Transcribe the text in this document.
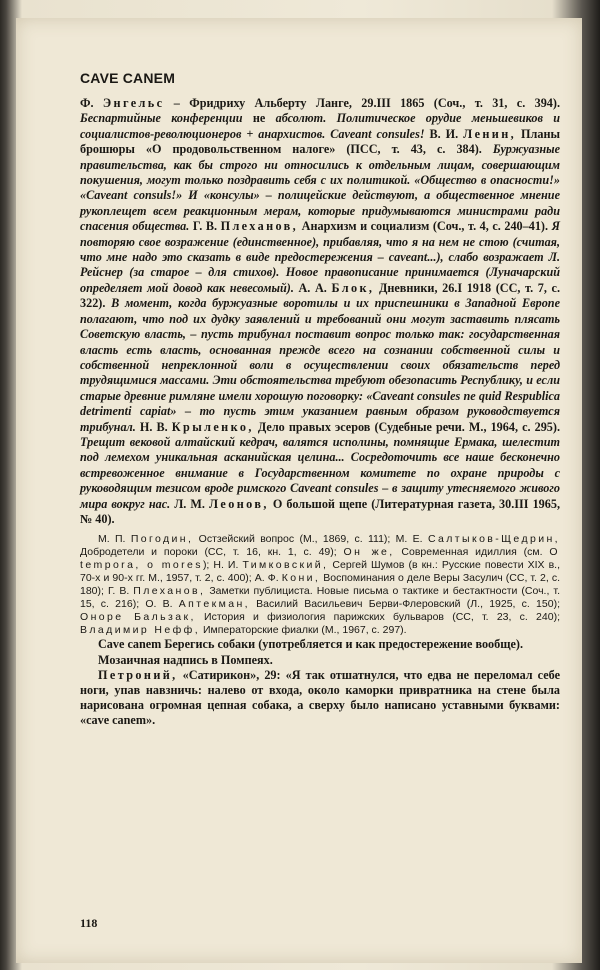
CAVE CANEM

Ф. Энгельс – Фридриху Альберту Ланге, 29.III 1865 (Соч., т. 31, с. 394). Беспартийные конференции не абсолют. Политическое орудие меньшевиков и социалистов-революционеров + анархистов. Caveant consules! В. И. Ленин, Планы брошюры «О продовольственном налоге» (ПСС, т. 43, с. 384). Буржуазные правительства, как бы строго ни относились к отдельным лицам, совершающим покушения, могут только поздравить себя с их политикой. «Общество в опасности!» «Caveant consuls!» И «консулы» – полицейские действуют, а общественное мнение рукоплещет всем реакционным мерам, которые придумываются министрами ради спасения общества. Г. В. Плеханов, Анархизм и социализм (Соч., т. 4, с. 240–41). Я повторяю свое возражение (единственное), прибавляя, что я на нем не стою (считая, что мне надо это сказать в виде предостережения – caveant...), слабо возражает Л. Рейснер (за старое – для стихов). Новое правописание принимается (Луначарский определяет мой довод как невесомый). А. А. Блок, Дневники, 26.I 1918 (СС, т. 7, с. 322). В момент, когда буржуазные воротилы и их приспешники в Западной Европе полагают, что под их дудку заявлений и требований они могут заставить плясать Советскую власть, – пусть трибунал поставит вопрос только так: государственная власть есть власть, основанная прежде всего на сознании собственной силы и собственной непреклонной воли в осуществлении своих обязательств перед трудящимися массами. Эти обстоятельства требуют обезопасить Республику, и если старые древние римляне имели хорошую поговорку: «Caveant consules ne quid Respublica detrimenti capiat» – то пусть этим указанием равным образом руководствуется трибунал. Н. В. Крыленко, Дело правых эсеров (Судебные речи. М., 1964, с. 295). Трещит вековой алтайский кедрач, валятся исполины, помнящие Ермака, шелестит под лемехом уникальная асканийская целина... Сосредоточить все наше бесконечно встревоженное внимание в Государственном комитете по охране природы с руководящим тезисом вроде римского Caveant consules – в защиту утесняемого живого мира вокруг нас. Л. М. Леонов, О большой щепе (Литературная газета, 30.III 1965, № 40).

М. П. Погодин, Остзейский вопрос (М., 1869, с. 111); М. Е. Салтыков-Щедрин, Добродетели и пороки (СС, т. 16, кн. 1, с. 49); Он же, Современная идиллия (см. О tempora, о mores); Н. И. Тимковский, Сергей Шумов (в кн.: Русские повести XIX в., 70-х и 90-х гг. М., 1957, т. 2, с. 400); А. Ф. Кони, Воспоминания о деле Веры Засулич (СС, т. 2, с. 180); Г. В. Плеханов, Заметки публициста. Новые письма о тактике и бестактности (Соч., т. 15, с. 216); О. В. Аптекман, Василий Васильевич Берви-Флеровский (Л., 1925, с. 150); Оноре Бальзак, История и физиология парижских бульваров (СС, т. 23, с. 240); Владимир Нефф, Императорские фиалки (М., 1967, с. 297).

Cave canem Берегись собаки (употребляется и как предостережение вообще).

Мозаичная надпись в Помпеях.

Петроний, «Сатирикон», 29: «Я так отшатнулся, что едва не переломал себе ноги, упав навзничь: налево от входа, около каморки привратника на стене была нарисована огромная цепная собака, а сверху было написано уставными буквами: «cave canem».

118
